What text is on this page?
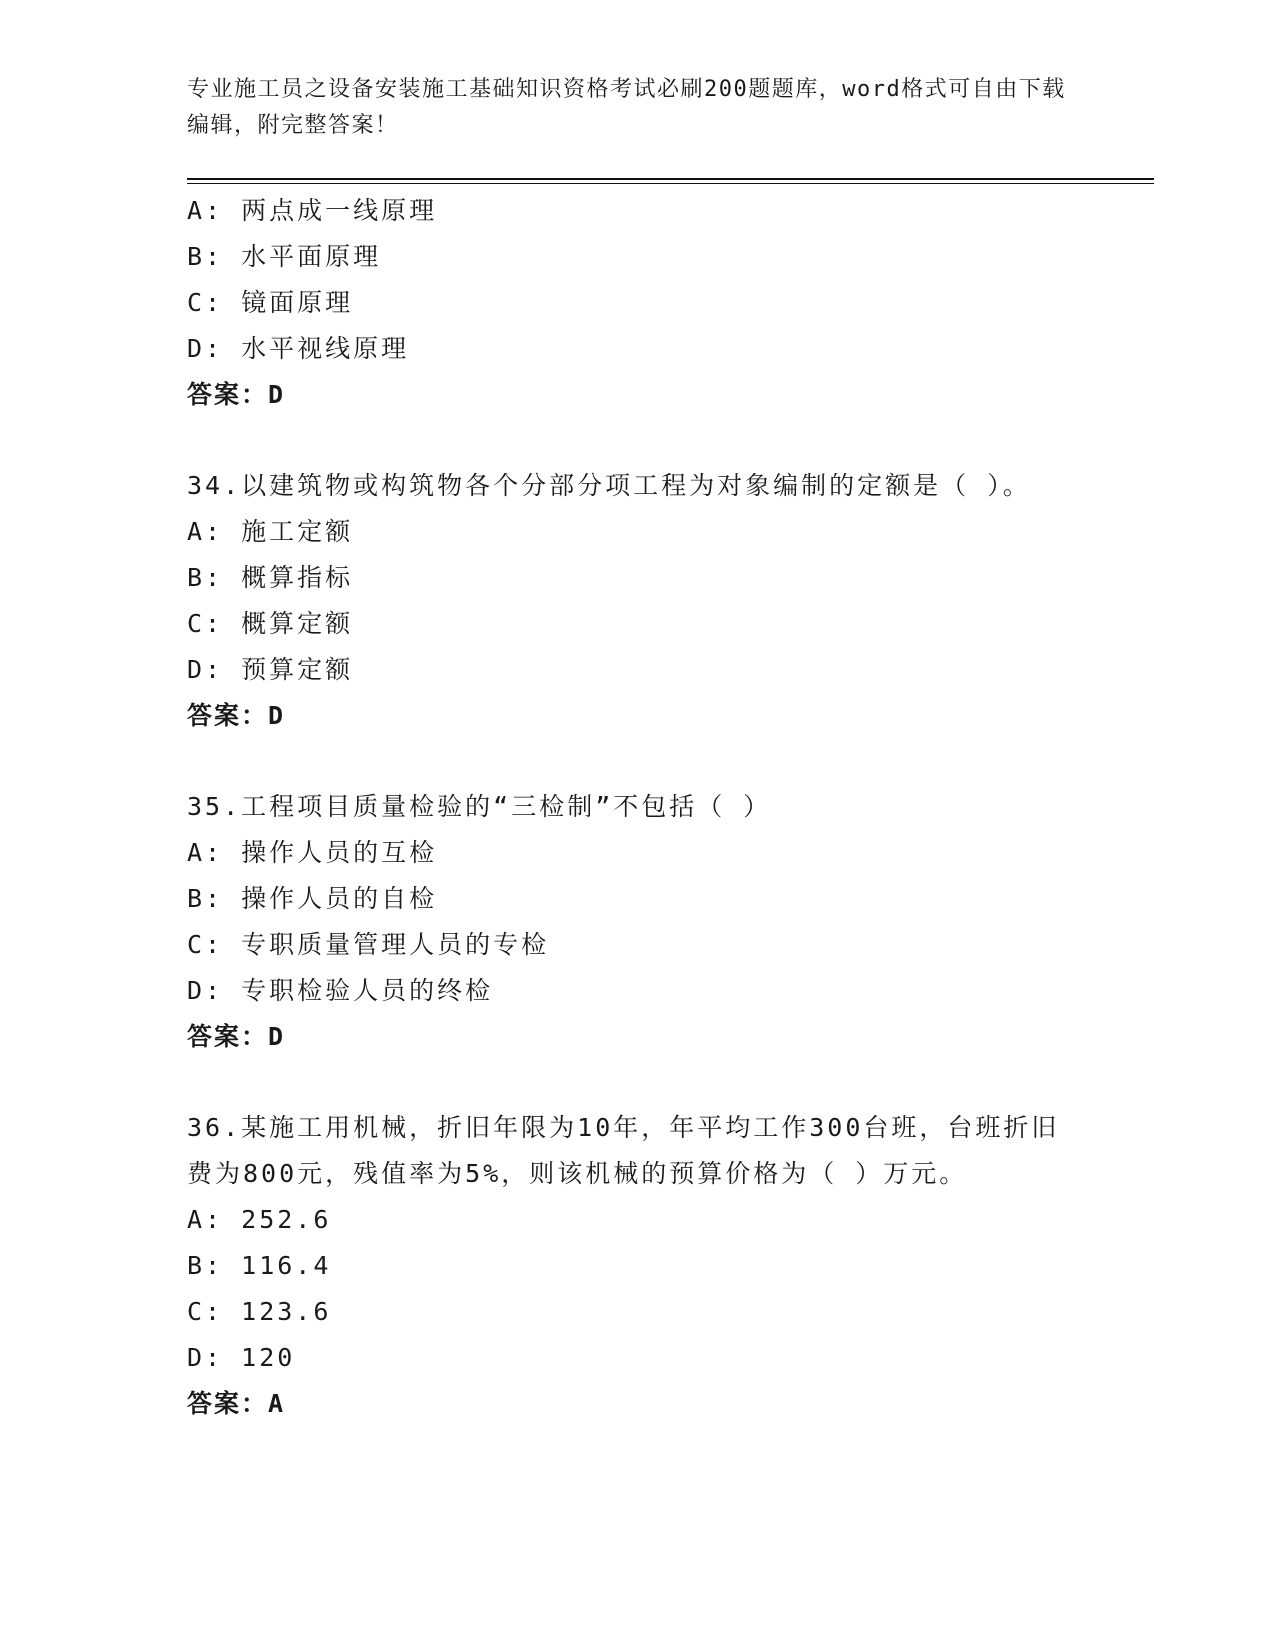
专业施工员之设备安装施工基础知识资格考试必刷200题题库，word格式可自由下载编辑，附完整答案！
A: 两点成一线原理
B: 水平面原理
C: 镜面原理
D: 水平视线原理
答案：D
34.以建筑物或构筑物各个分部分项工程为对象编制的定额是（ ）。
A: 施工定额
B: 概算指标
C: 概算定额
D: 预算定额
答案：D
35.工程项目质量检验的“三检制”不包括（ ）
A: 操作人员的互检
B: 操作人员的自检
C: 专职质量管理人员的专检
D: 专职检验人员的终检
答案：D
36.某施工用机械，折旧年限为10年，年平均工作300台班，台班折旧费为800元，残值率为5%，则该机械的预算价格为（ ）万元。
A: 252.6
B: 116.4
C: 123.6
D: 120
答案：A
